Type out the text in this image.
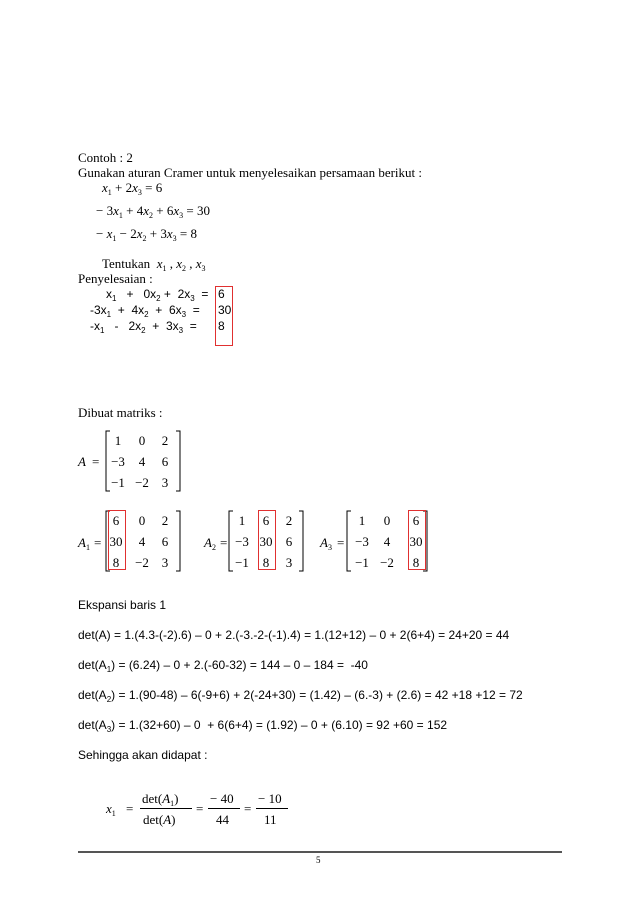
Contoh : 2
Gunakan aturan Cramer untuk menyelesaikan persamaan berikut :
$x_1 + 2x_3 = 6$
− $3x_1 + 4x_2 + 6x_3 = 30$
− $x_1 - 2x_2 + 3x_3 = 8$
Tentukan $x_1$ , $x_2$ , $x_3$
Penyelesaian :
$x_1 + 0x_2 + 2x_3 = 6$
$-3x_1 + 4x_2 + 6x_3 = 30$
$-x_1 - 2x_2 + 3x_3 = 8$
Dibuat matriks :
A =
1	0	2
−3	4	6
−1 −2 3
$A_1$ =
6	0	2
30	4	6
8	−2 3
$A_2$ =
1	6	2
−3 30	6
−1	8	3
$A_3$ =
1	0	6
−3	4	30
−1 −2	8
Ekspansi baris 1
det(A) = 1.(4.3-(-2).6) – 0 + 2.(-3.-2-(-1).4) = 1.(12+12) – 0 + 2(6+4) = 24+20 = 44
$\det(A_1) = (6.24) - 0 + 2.(-60-32) = 144 - 0 - 184 = -40$
$\det(A_2) = 1.(90-48) - 6(-9+6) + 2(-24+30) = (1.42) - (6.-3) + (2.6) = 42 +18 +12 = 72$
$\det(A_3) = 1.(32+60) - 0 + 6(6+4) = (1.92) - 0 + (6.10) = 92 +60 = 152$
Sehingga akan didapat :
$x_1$ =
$\det(A_1)$
det(A)
=
− 40
44
=
− 10
11
5
